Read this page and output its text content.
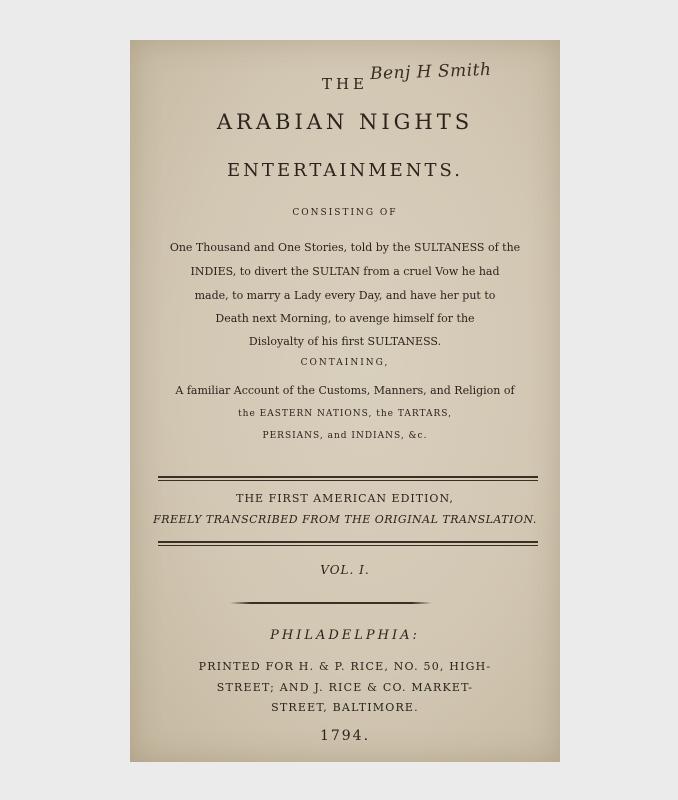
Benj H Smith
THE
ARABIAN NIGHTS
ENTERTAINMENTS.
CONSISTING OF
One Thousand and One Stories, told by the SULTANESS of the
INDIES, to divert the SULTAN from a cruel Vow he had
made, to marry a Lady every Day, and have her put to
Death next Morning, to avenge himself for the
Disloyalty of his first SULTANESS.
CONTAINING,
A familiar Account of the Customs, Manners, and Religion of
the EASTERN NATIONS, the TARTARS,
PERSIANS, and INDIANS, &c.
THE FIRST AMERICAN EDITION,
FREELY TRANSCRIBED FROM THE ORIGINAL TRANSLATION.
VOL. I.
PHILADELPHIA:
PRINTED FOR H. & P. RICE, NO. 50, HIGH-
STREET; AND J. RICE & CO. MARKET-
STREET, BALTIMORE.
1794.
